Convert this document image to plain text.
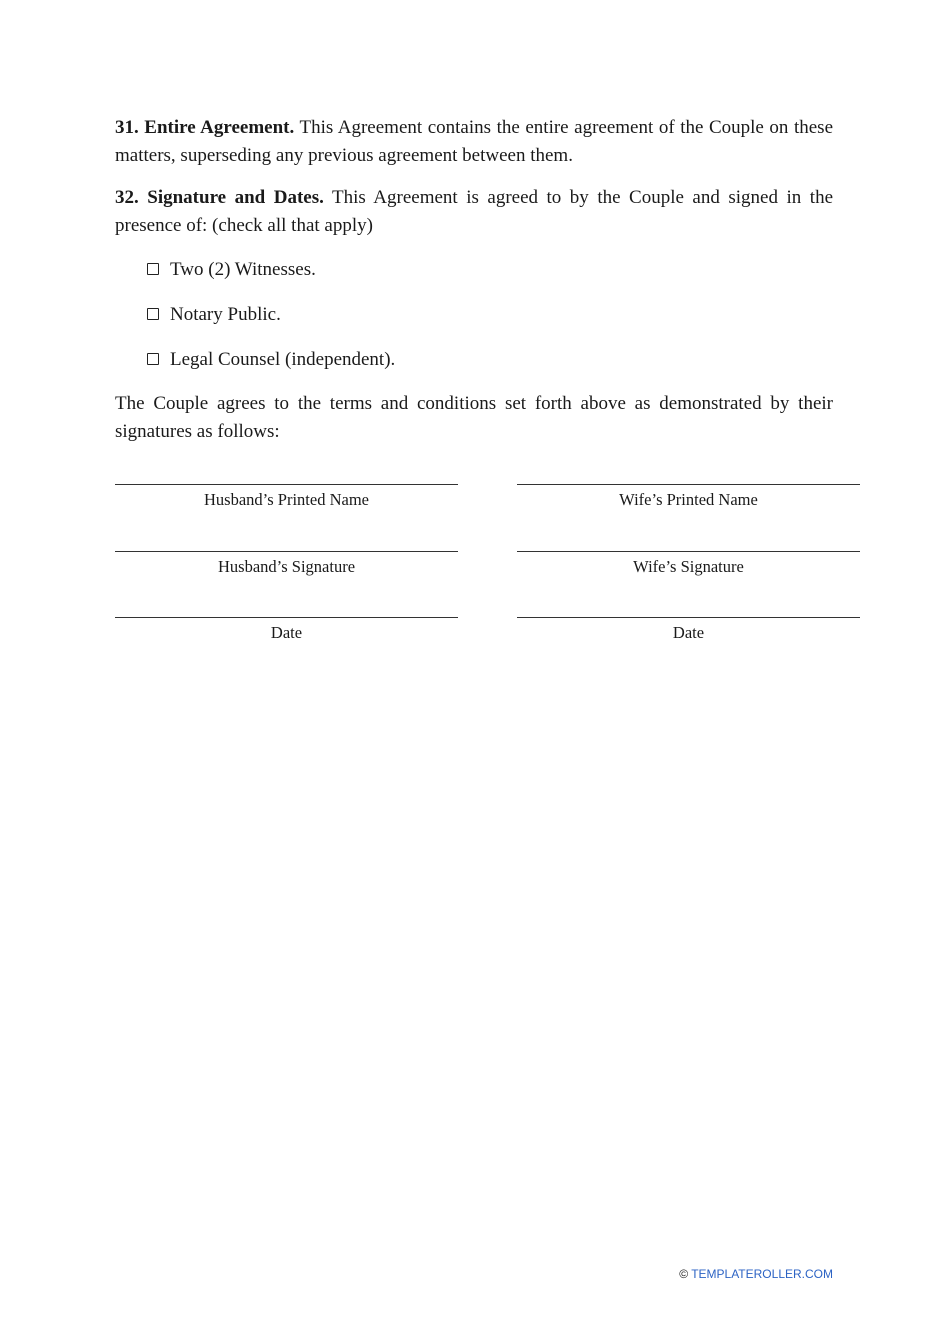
31. Entire Agreement. This Agreement contains the entire agreement of the Couple on these matters, superseding any previous agreement between them.

32. Signature and Dates. This Agreement is agreed to by the Couple and signed in the presence of: (check all that apply)

Two (2) Witnesses.
Notary Public.
Legal Counsel (independent).

The Couple agrees to the terms and conditions set forth above as demonstrated by their signatures as follows:

Husband’s Printed Name	Wife’s Printed Name
Husband’s Signature	Wife’s Signature
Date	Date
© TEMPLATEROLLER.COM
